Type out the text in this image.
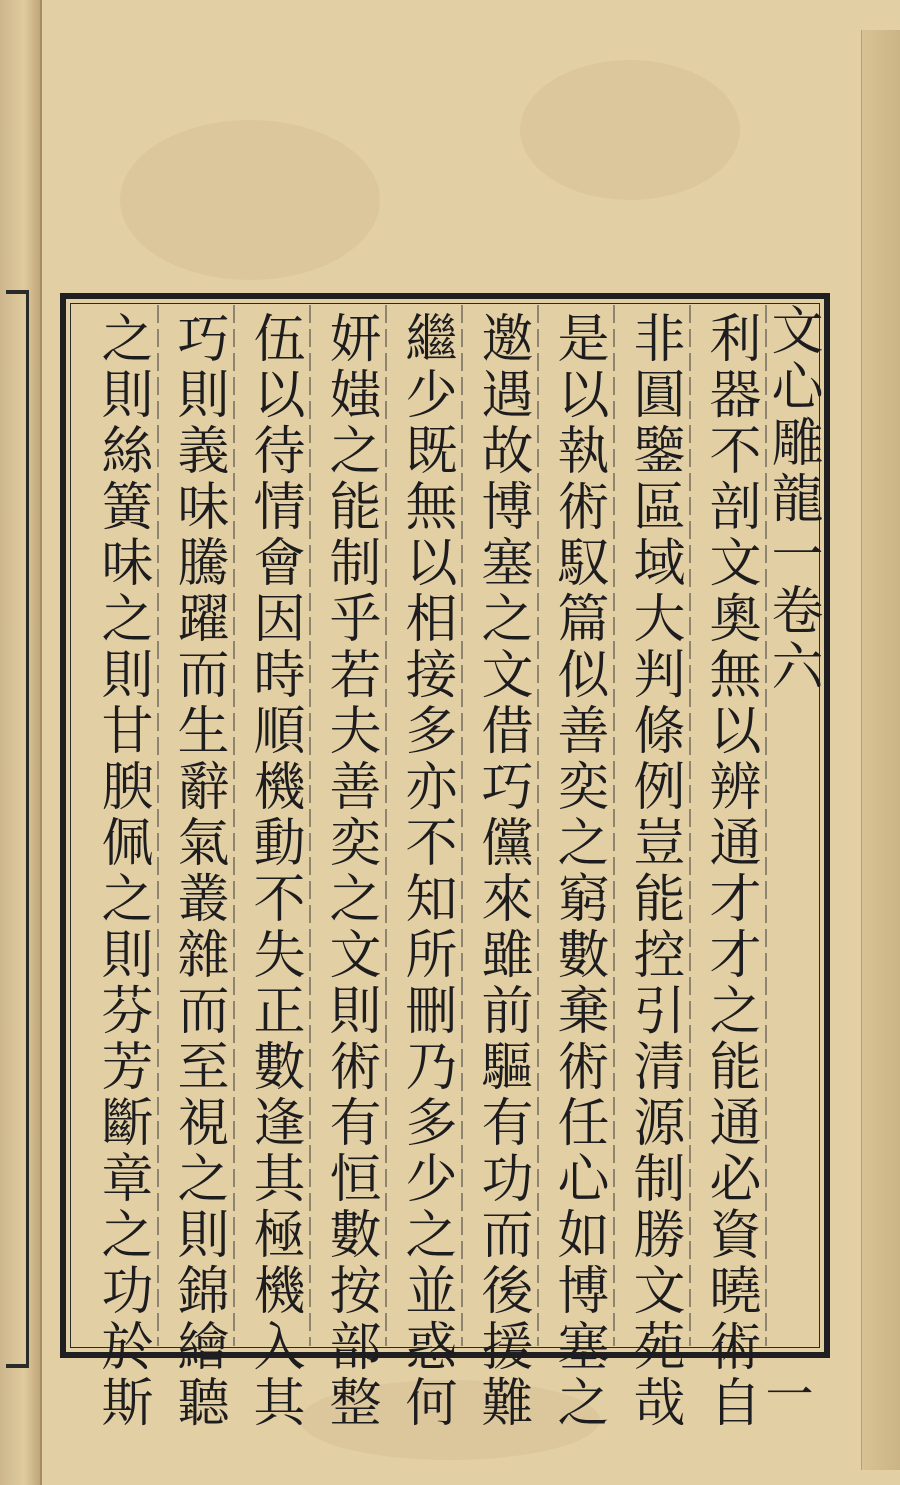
利器不剖文奧無以辨通才才之能通必資曉術自
非圓鑒區域大判條例豈能控引清源制勝文苑哉
是以執術馭篇似善奕之窮數棄術任心如博塞之
邀遇故博塞之文借巧儻來雖前驅有功而後援難
繼少既無以相接多亦不知所刪乃多少之並惑何
妍媸之能制乎若夫善奕之文則術有恒數按部整
伍以待情會因時順機動不失正數逢其極機入其
巧則義味騰躍而生辭氣叢雜而至視之則錦繪聽
之則絲簧味之則甘腴佩之則芬芳斷章之功於斯	文心雕龍一卷六
一
